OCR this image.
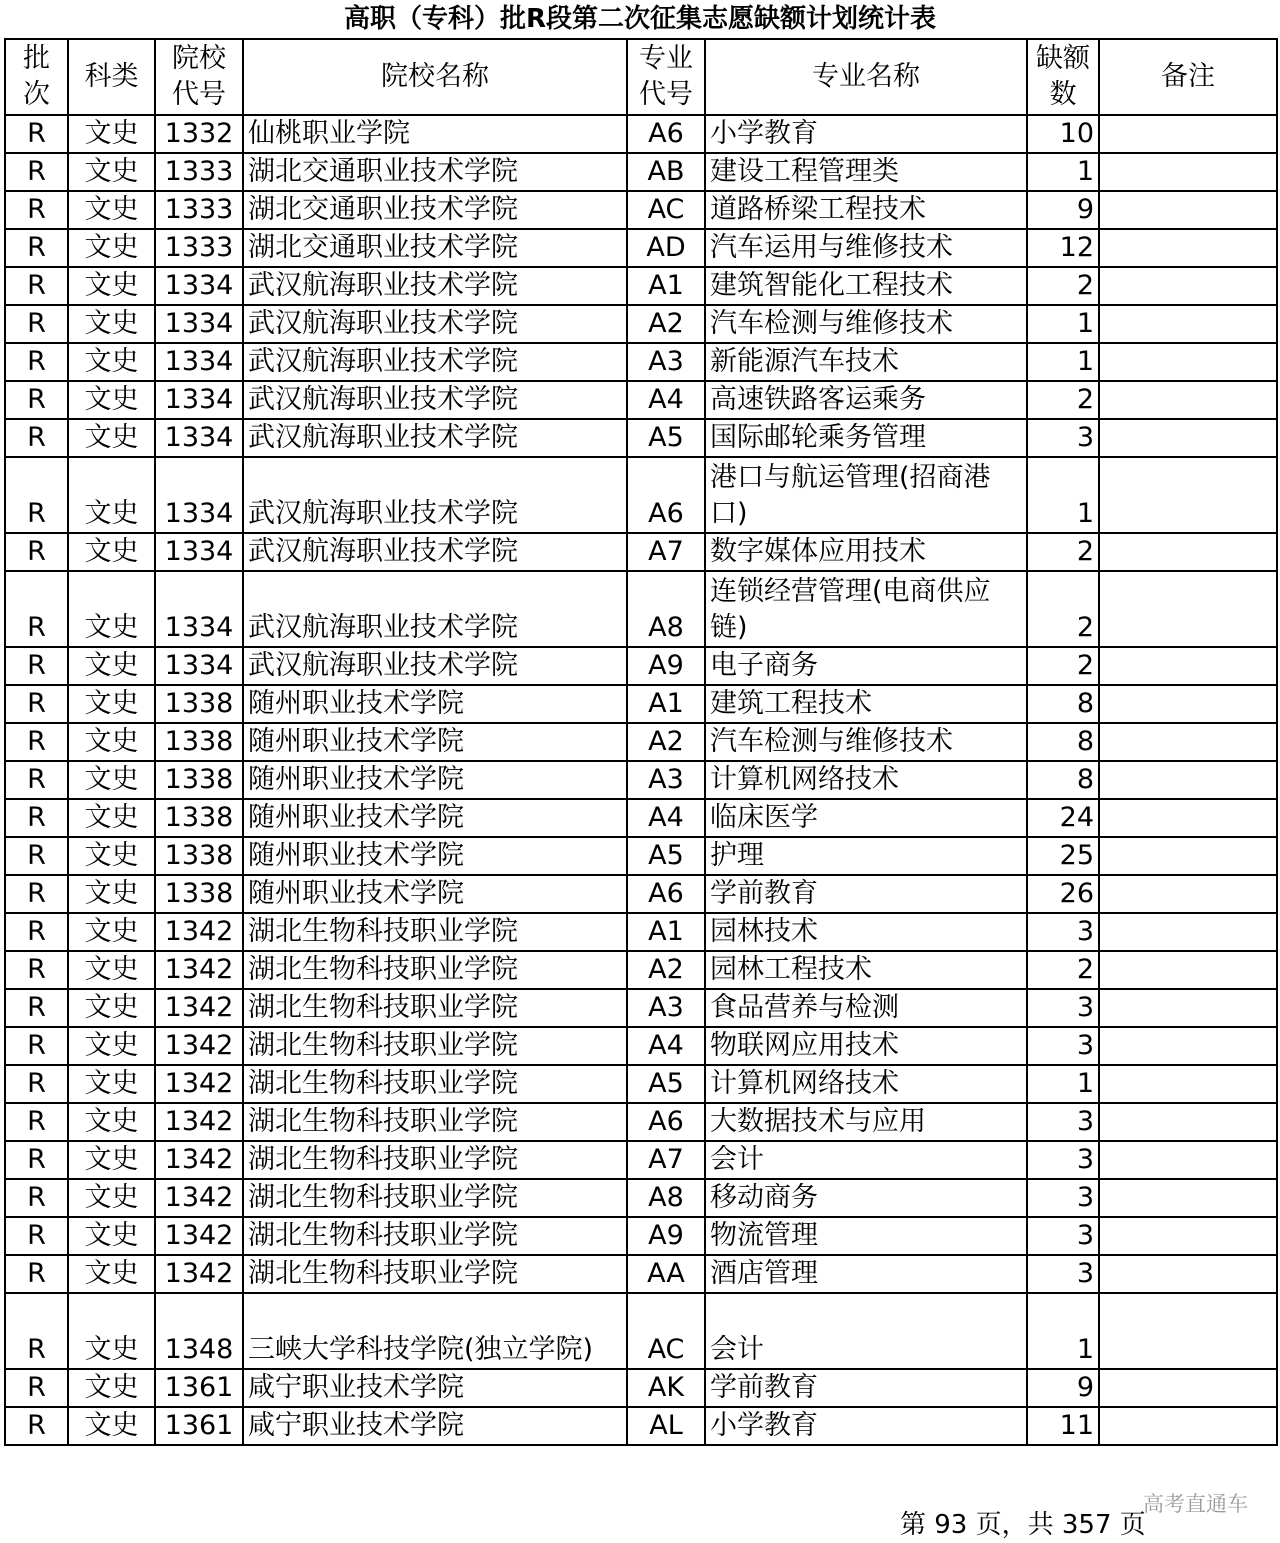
高职（专科）批R段第二次征集志愿缺额计划统计表
批次	科类	院校代号	院校名称	专业代号	专业名称	缺额数	备注
R	文史	1332	仙桃职业学院	A6	小学教育	10	
R	文史	1333	湖北交通职业技术学院	AB	建设工程管理类	1	
R	文史	1333	湖北交通职业技术学院	AC	道路桥梁工程技术	9	
R	文史	1333	湖北交通职业技术学院	AD	汽车运用与维修技术	12	
R	文史	1334	武汉航海职业技术学院	A1	建筑智能化工程技术	2	
R	文史	1334	武汉航海职业技术学院	A2	汽车检测与维修技术	1	
R	文史	1334	武汉航海职业技术学院	A3	新能源汽车技术	1	
R	文史	1334	武汉航海职业技术学院	A4	高速铁路客运乘务	2	
R	文史	1334	武汉航海职业技术学院	A5	国际邮轮乘务管理	3	
R	文史	1334	武汉航海职业技术学院	A6	港口与航运管理(招商港口)	1	
R	文史	1334	武汉航海职业技术学院	A7	数字媒体应用技术	2	
R	文史	1334	武汉航海职业技术学院	A8	连锁经营管理(电商供应链)	2	
R	文史	1334	武汉航海职业技术学院	A9	电子商务	2	
R	文史	1338	随州职业技术学院	A1	建筑工程技术	8	
R	文史	1338	随州职业技术学院	A2	汽车检测与维修技术	8	
R	文史	1338	随州职业技术学院	A3	计算机网络技术	8	
R	文史	1338	随州职业技术学院	A4	临床医学	24	
R	文史	1338	随州职业技术学院	A5	护理	25	
R	文史	1338	随州职业技术学院	A6	学前教育	26	
R	文史	1342	湖北生物科技职业学院	A1	园林技术	3	
R	文史	1342	湖北生物科技职业学院	A2	园林工程技术	2	
R	文史	1342	湖北生物科技职业学院	A3	食品营养与检测	3	
R	文史	1342	湖北生物科技职业学院	A4	物联网应用技术	3	
R	文史	1342	湖北生物科技职业学院	A5	计算机网络技术	1	
R	文史	1342	湖北生物科技职业学院	A6	大数据技术与应用	3	
R	文史	1342	湖北生物科技职业学院	A7	会计	3	
R	文史	1342	湖北生物科技职业学院	A8	移动商务	3	
R	文史	1342	湖北生物科技职业学院	A9	物流管理	3	
R	文史	1342	湖北生物科技职业学院	AA	酒店管理	3	
R	文史	1348	三峡大学科技学院(独立学院)	AC	会计	1	
R	文史	1361	咸宁职业技术学院	AK	学前教育	9	
R	文史	1361	咸宁职业技术学院	AL	小学教育	11	
第 93 页，共 357 页
高考直通车
